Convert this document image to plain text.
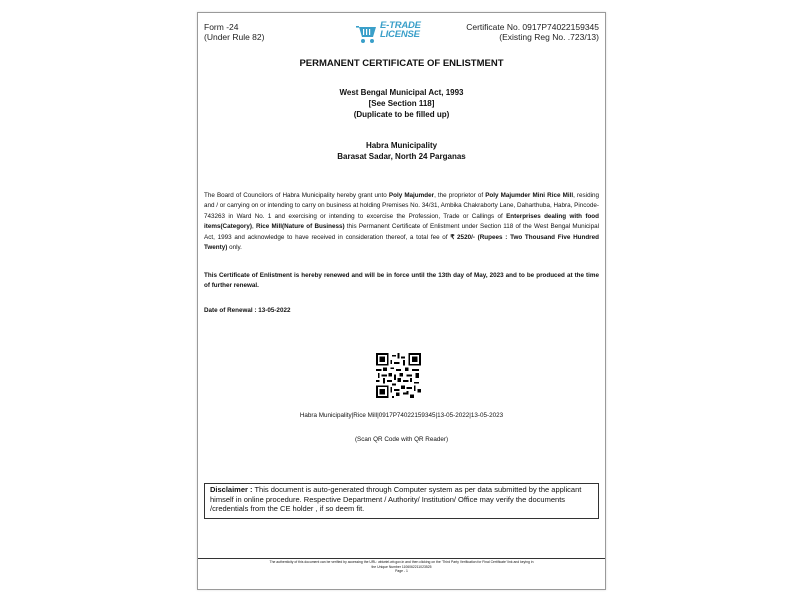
Form -24
(Under Rule 82)
E-TRADE
LICENSE
Certificate No. 0917P74022159345
(Existing Reg No. .723/13)
PERMANENT CERTIFICATE OF ENLISTMENT
West Bengal Municipal Act, 1993
[See Section 118]
(Duplicate to be filled up)
Habra Municipality
Barasat Sadar, North 24 Parganas
The Board of Councilors of Habra Municipality hereby grant unto Poly Majumder, the proprietor of Poly Majumder Mini Rice Mill, residing and / or carrying on or intending to carry on business at holding Premises No. 34/31, Ambika Chakraborty Lane, Daharthuba, Habra, Pincode- 743263 in Ward No. 1 and exercising or intending to excercise the Profession, Trade or Callings of Enterprises dealing with food items(Category), Rice Mill(Nature of Business) this Permanent Certificate of Enlistment under Section 118 of the West Bengal Municipal Act, 1993 and acknowledge to have received in consideration thereof, a total fee of ₹ 2520/- (Rupees : Two Thousand Five Hundred Twenty) only.
This Certificate of Enlistment is hereby renewed and will be in force until the 13th day of May, 2023 and to be produced at the time of further renewal.
Date of Renewal : 13-05-2022
Habra Municipality|Rice Mill|0917P74022159345|13-05-2022|13-05-2023
(Scan QR Code with QR Reader)
Disclaimer : This document is auto-generated through Computer system as per data submitted by the applicant himself in online procedure. Respective Department / Authority/ Institution/ Office may verify the documents /credentials from the CE holder , if so deem fit.
The authenticity of this document can be verified by accessing the URL: wbiwtel.wb.gov.in and then clicking on the 'Third Party Verification for Final Certificate' link and keying in
the Unique Number 1106062211023525
Page - 1
